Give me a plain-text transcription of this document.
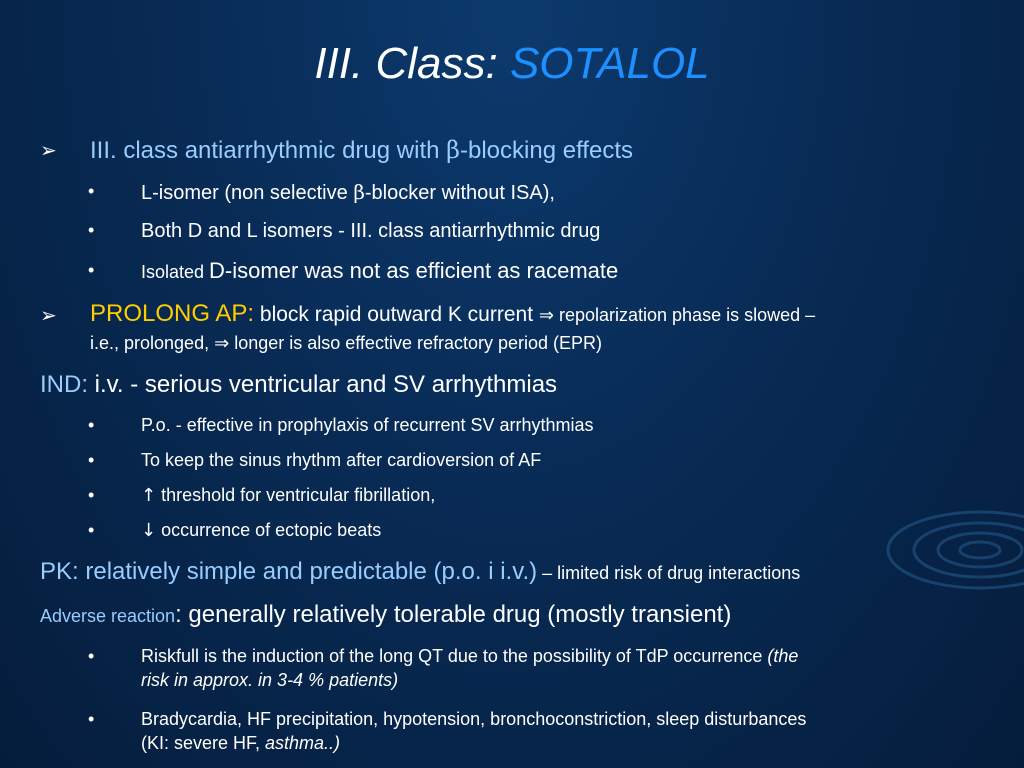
III. Class: SOTALOL
➢ III. class antiarrhythmic drug with β-blocking effects
• L-isomer (non selective β-blocker without ISA),
• Both D and L isomers - III. class antiarrhythmic drug
•	Isolated D-isomer was not as efficient as racemate
➢ PROLONG AP: block rapid outward K current ⇒ repolarization phase is slowed –
i.e., prolonged, ⇒ longer is also effective refractory period (EPR)
IND: i.v. - serious ventricular and SV arrhythmias
•	P.o. - effective in prophylaxis of recurrent SV arrhythmias
•	To keep the sinus rhythm after cardioversion of AF
•	↑ threshold for ventricular fibrillation,
•	↓ occurrence of ectopic beats
PK: relatively simple and predictable (p.o. i i.v.) – limited risk of drug interactions
Adverse reaction: generally relatively tolerable drug (mostly transient)
•	Riskfull is the induction of the long QT due to the possibility of TdP occurrence (the
risk in approx. in 3-4 % patients)
•	Bradycardia, HF precipitation, hypotension, bronchoconstriction, sleep disturbances
(KI: severe HF, asthma..)
